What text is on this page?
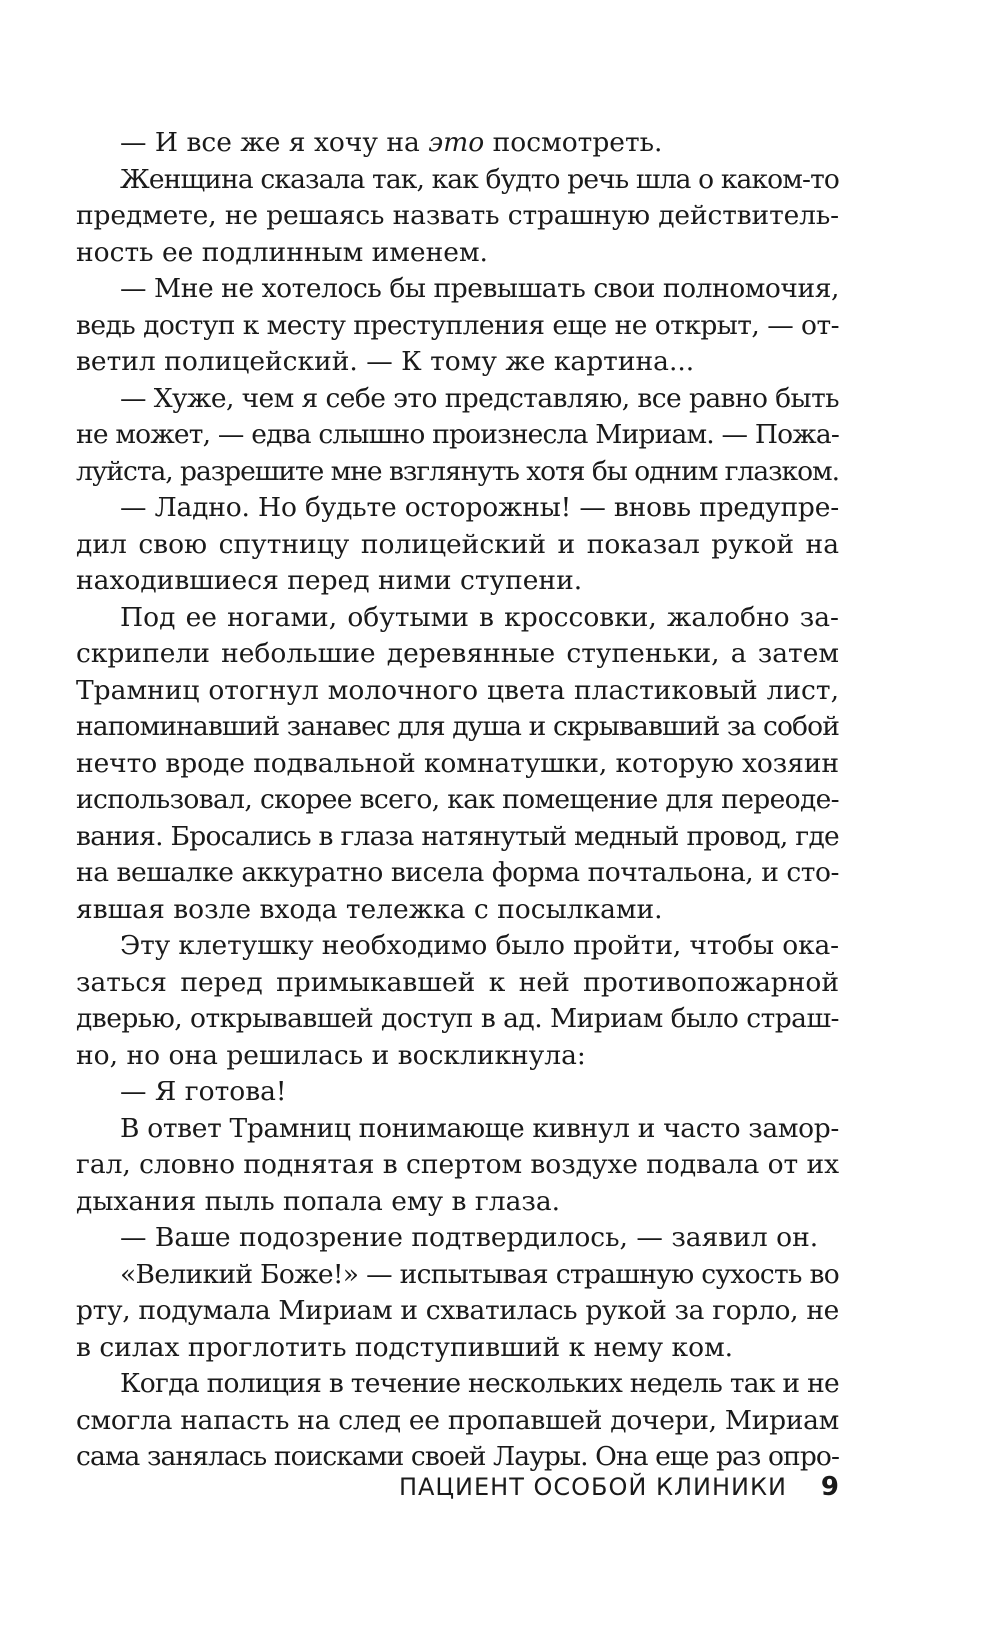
— И все же я хочу на это посмотреть.
Женщина сказала так, как будто речь шла о каком-то
предмете, не решаясь назвать страшную действитель-
ность ее подлинным именем.
— Мне не хотелось бы превышать свои полномочия,
ведь доступ к месту преступления еще не открыт, — от-
ветил полицейский. — К тому же картина...
— Хуже, чем я себе это представляю, все равно быть
не может, — едва слышно произнесла Мириам. — Пожа-
луйста, разрешите мне взглянуть хотя бы одним глазком.
— Ладно. Но будьте осторожны! — вновь предупре-
дил свою спутницу полицейский и показал рукой на
находившиеся перед ними ступени.
Под ее ногами, обутыми в кроссовки, жалобно за-
скрипели небольшие деревянные ступеньки, а затем
Трамниц отогнул молочного цвета пластиковый лист,
напоминавший занавес для душа и скрывавший за собой
нечто вроде подвальной комнатушки, которую хозяин
использовал, скорее всего, как помещение для переоде-
вания. Бросались в глаза натянутый медный провод, где
на вешалке аккуратно висела форма почтальона, и сто-
явшая возле входа тележка с посылками.
Эту клетушку необходимо было пройти, чтобы ока-
заться перед примыкавшей к ней противопожарной
дверью, открывавшей доступ в ад. Мириам было страш-
но, но она решилась и воскликнула:
— Я готова!
В ответ Трамниц понимающе кивнул и часто замор-
гал, словно поднятая в спертом воздухе подвала от их
дыхания пыль попала ему в глаза.
— Ваше подозрение подтвердилось, — заявил он.
«Великий Боже!» — испытывая страшную сухость во
рту, подумала Мириам и схватилась рукой за горло, не
в силах проглотить подступивший к нему ком.
Когда полиция в течение нескольких недель так и не
смогла напасть на след ее пропавшей дочери, Мириам
сама занялась поисками своей Лауры. Она еще раз опро-
ПАЦИЕНТ ОСОБОЙ КЛИНИКИ 9
